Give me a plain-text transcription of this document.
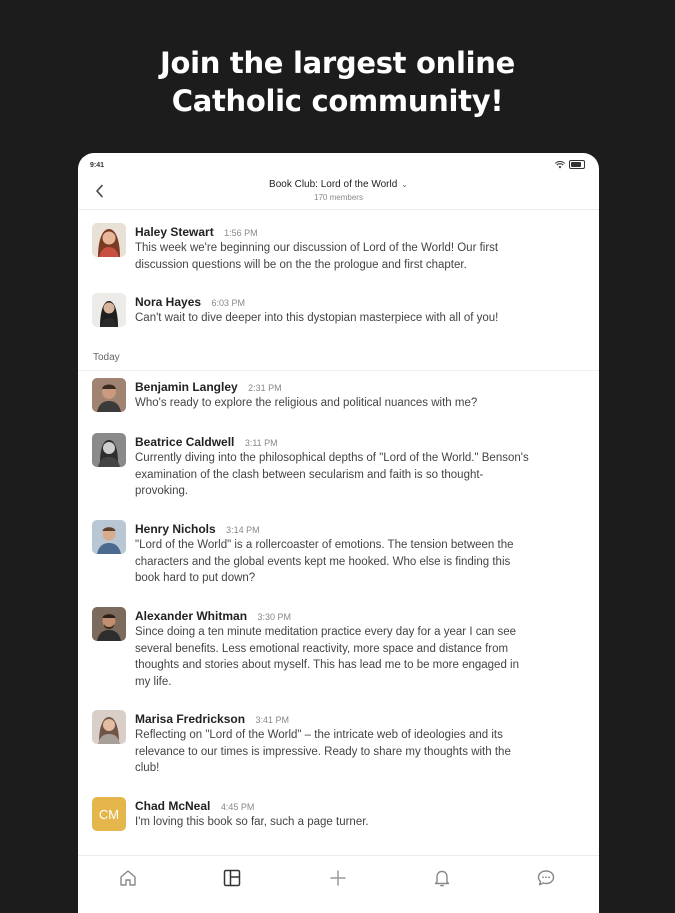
Join the largest online
Catholic community!
9:41
Book Club: Lord of the World ⌄
170 members
Haley Stewart 1:56 PM
This week we're beginning our discussion of Lord of the World! Our first
discussion questions will be on the the prologue and first chapter.
Nora Hayes 6:03 PM
Can't wait to dive deeper into this dystopian masterpiece with all of you!
Today
Benjamin Langley 2:31 PM
Who's ready to explore the religious and political nuances with me?
Beatrice Caldwell 3:11 PM
Currently diving into the philosophical depths of "Lord of the World." Benson's
examination of the clash between secularism and faith is so thought-
provoking.
Henry Nichols 3:14 PM
"Lord of the World" is a rollercoaster of emotions. The tension between the
characters and the global events kept me hooked. Who else is finding this
book hard to put down?
Alexander Whitman 3:30 PM
Since doing a ten minute meditation practice every day for a year I can see
several benefits. Less emotional reactivity, more space and distance from
thoughts and stories about myself. This has lead me to be more engaged in
my life.
Marisa Fredrickson 3:41 PM
Reflecting on "Lord of the World" – the intricate web of ideologies and its
relevance to our times is impressive. Ready to share my thoughts with the
club!
CM
Chad McNeal 4:45 PM
I'm loving this book so far, such a page turner.
